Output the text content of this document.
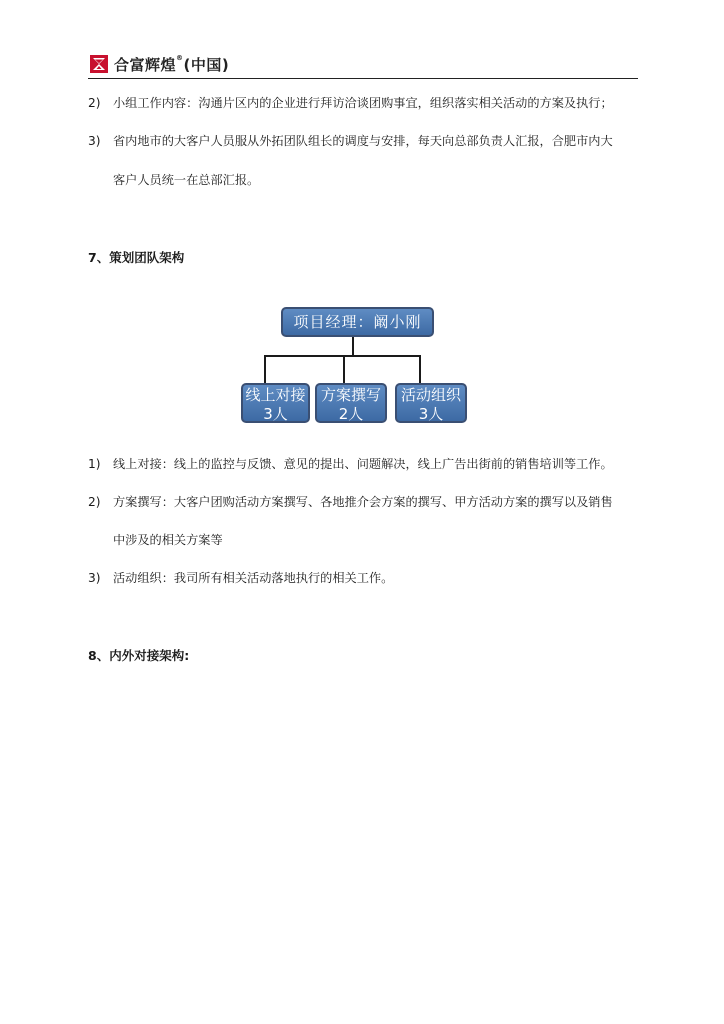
合富辉煌®(中国)
2) 小组工作内容：沟通片区内的企业进行拜访洽谈团购事宜，组织落实相关活动的方案及执行；
3) 省内地市的大客户人员服从外拓团队组长的调度与安排，每天向总部负责人汇报，合肥市内大
客户人员统一在总部汇报。
7、策划团队架构
项目经理：阚小刚
线上对接
3人
方案撰写
2人
活动组织
3人
1) 线上对接：线上的监控与反馈、意见的提出、问题解决，线上广告出街前的销售培训等工作。
2) 方案撰写：大客户团购活动方案撰写、各地推介会方案的撰写、甲方活动方案的撰写以及销售
中涉及的相关方案等
3) 活动组织：我司所有相关活动落地执行的相关工作。
8、内外对接架构:
